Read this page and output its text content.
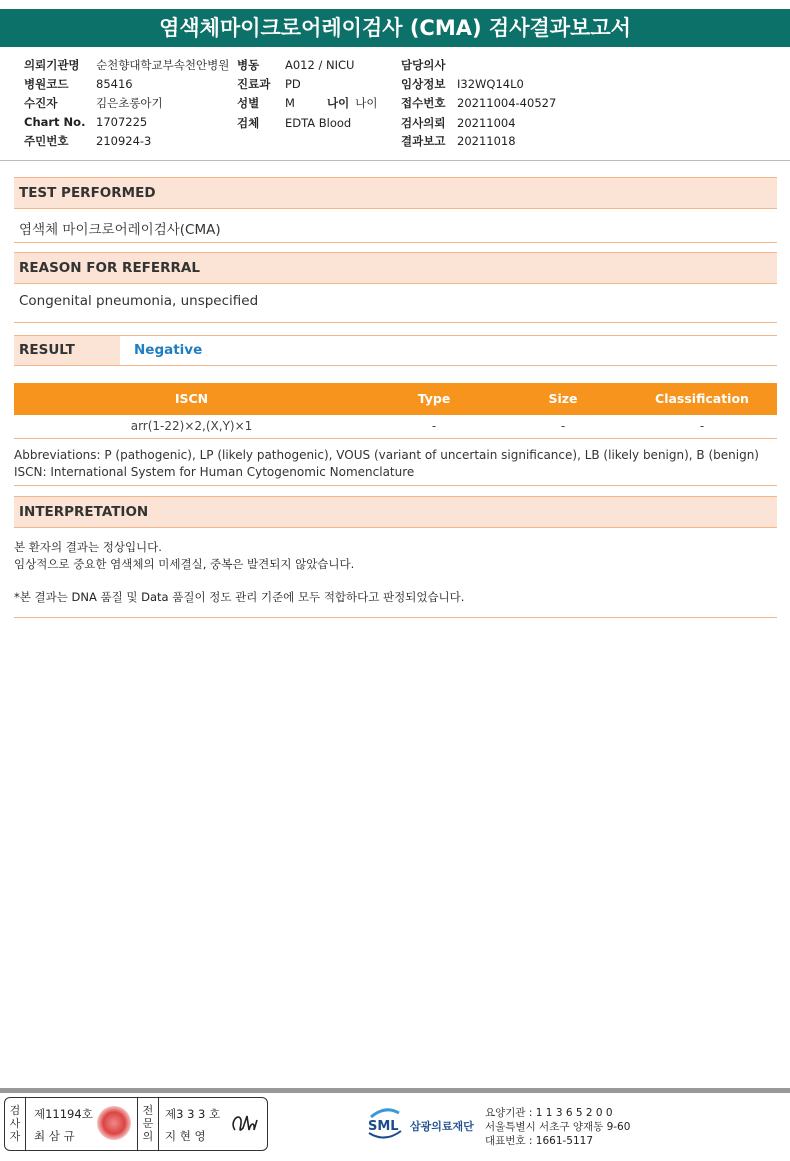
염색체마이크로어레이검사 (CMA) 검사결과보고서
의뢰기관명 순천향대학교부속천안병원
병원코드 85416
수진자	김은초롱아기
Chart No. 1707225
주민번호 210924-3
병동 A012 / NICU
진료과 PD
성별 M	나이 나이
검체 EDTA Blood
담당의사
임상정보 I32WQ14L0
접수번호 20211004-40527
검사의뢰 20211004
결과보고 20211018
TEST PERFORMED
염색체 마이크로어레이검사(CMA)
REASON FOR REFERRAL
Congenital pneumonia, unspecified
RESULT	Negative
ISCN	Type	Size	Classification
arr(1-22)×2,(X,Y)×1	-	-	-
Abbreviations: P (pathogenic), LP (likely pathogenic), VOUS (variant of uncertain significance), LB (likely benign), B (benign)
ISCN: International System for Human Cytogenomic Nomenclature
INTERPRETATION
본 환자의 결과는 정상입니다.
임상적으로 중요한 염색체의 미세결실, 중복은 발견되지 않았습니다.
*본 결과는 DNA 품질 및 Data 품질이 정도 관리 기준에 모두 적합하다고 판정되었습니다.
검사자
제11194호
최 삼 규
전문의
제3 3 3 호
지 현 영
SML 삼광의료재단
요양기관 : 1 1 3 6 5 2 0 0
서울특별시 서초구 양재동 9-60
대표번호 : 1661-5117
